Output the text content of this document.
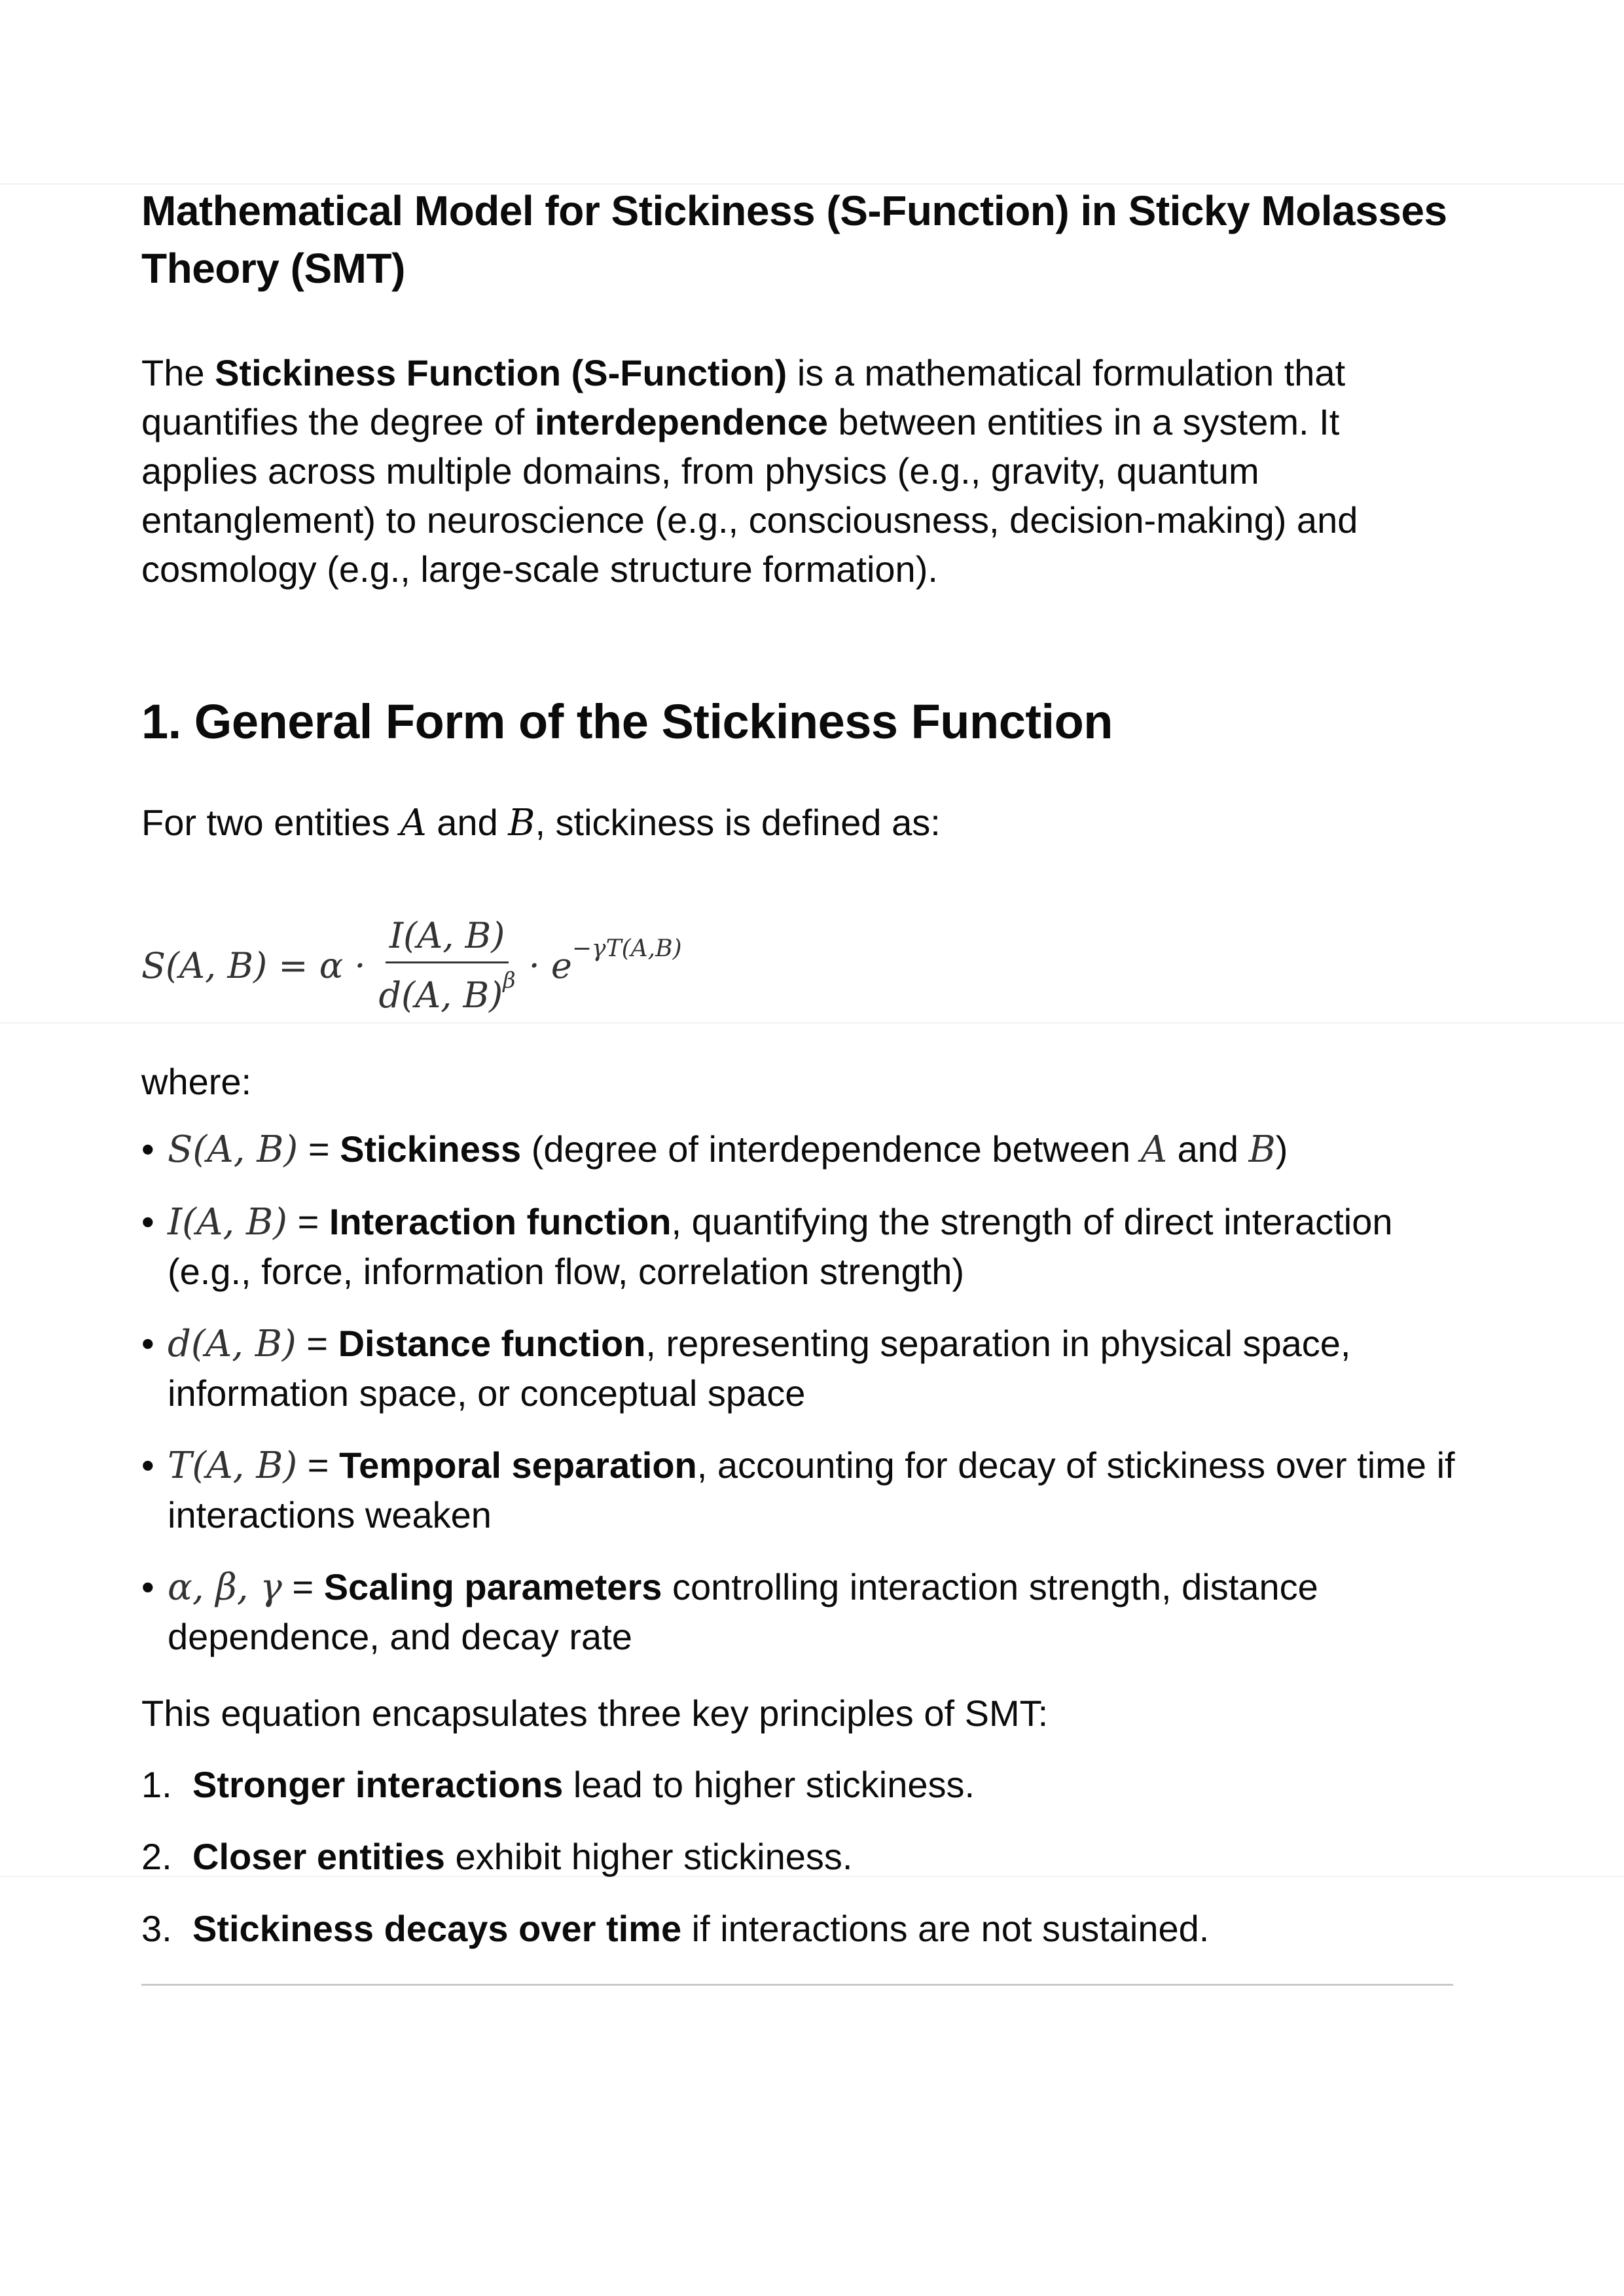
Mathematical Model for Stickiness (S-Function) in Sticky Molasses Theory (SMT)

The Stickiness Function (S-Function) is a mathematical formulation that quantifies the degree of interdependence between entities in a system. It applies across multiple domains, from physics (e.g., gravity, quantum entanglement) to neuroscience (e.g., consciousness, decision-making) and cosmology (e.g., large-scale structure formation).

1. General Form of the Stickiness Function

For two entities A and B, stickiness is defined as:

S(A, $B) = \alpha \cdot \frac{I(A, B)}{d(A, B)^\beta} \cdot e -\gamma T(A,B)$

where:

• S(A, B) = Stickiness (degree of interdependence between A and B)
• I(A, B) = Interaction function, quantifying the strength of direct interaction (e.g., force, information flow, correlation strength)
• d(A, B) = Distance function, representing separation in physical space, information space, or conceptual space
• T(A, B) = Temporal separation, accounting for decay of stickiness over time if interactions weaken
• α, β, γ = Scaling parameters controlling interaction strength, distance dependence, and decay rate

This equation encapsulates three key principles of SMT:

1. Stronger interactions lead to higher stickiness.
2. Closer entities exhibit higher stickiness.
3. Stickiness decays over time if interactions are not sustained.
